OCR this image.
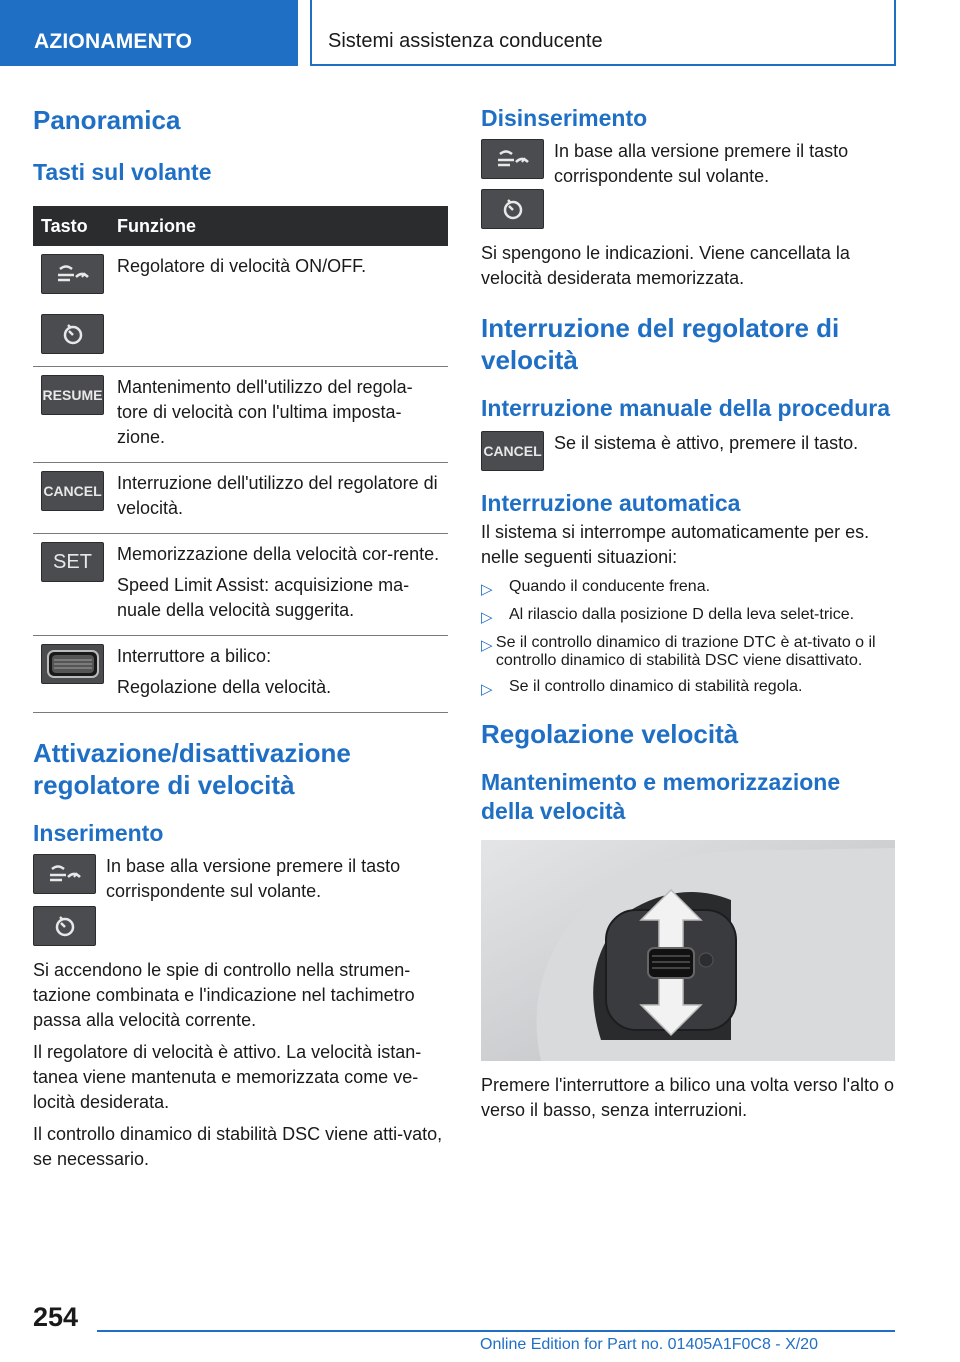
AZIONAMENTO	Sistemi assistenza conducente
Panoramica
Tasti sul volante
Tasto	Funzione

	Regolatore di velocità ON/OFF.

RESUME	Mantenimento dell'utilizzo del regola-tore di velocità con l'ultima imposta-zione.

CANCEL	Interruzione dell'utilizzo del regolatore di velocità.

SET	Memorizzazione della velocità cor-rente.
Speed Limit Assist: acquisizione ma-nuale della velocità suggerita.

Interruttore a bilico:
Regolazione della velocità.
Attivazione/disattivazione regolatore di velocità
Inserimento

In base alla versione premere il tasto corrispondente sul volante.

Si accendono le spie di controllo nella strumen-tazione combinata e l'indicazione nel tachimetro passa alla velocità corrente.

Il regolatore di velocità è attivo. La velocità istan-tanea viene mantenuta e memorizzata come ve-locità desiderata.

Il controllo dinamico di stabilità DSC viene atti-vato, se necessario.

Disinserimento

In base alla versione premere il tasto corrispondente sul volante.

Si spengono le indicazioni. Viene cancellata la velocità desiderata memorizzata.

Interruzione del regolatore di velocità
Interruzione manuale della procedura
CANCEL Se il sistema è attivo, premere il tasto.

Interruzione automatica

Il sistema si interrompe automaticamente per es. nelle seguenti situazioni:

▷	Quando il conducente frena.
▷	Al rilascio dalla posizione D della leva selet-trice.
▷ Se il controllo dinamico di trazione DTC è at-tivato o il controllo dinamico di stabilità DSC viene disattivato.
▷	Se il controllo dinamico di stabilità regola.
Regolazione velocità
Mantenimento e memorizzazione della velocità

Premere l'interruttore a bilico una volta verso l'alto o verso il basso, senza interruzioni.

254
Online Edition for Part no. 01405A1F0C8 - X/20
